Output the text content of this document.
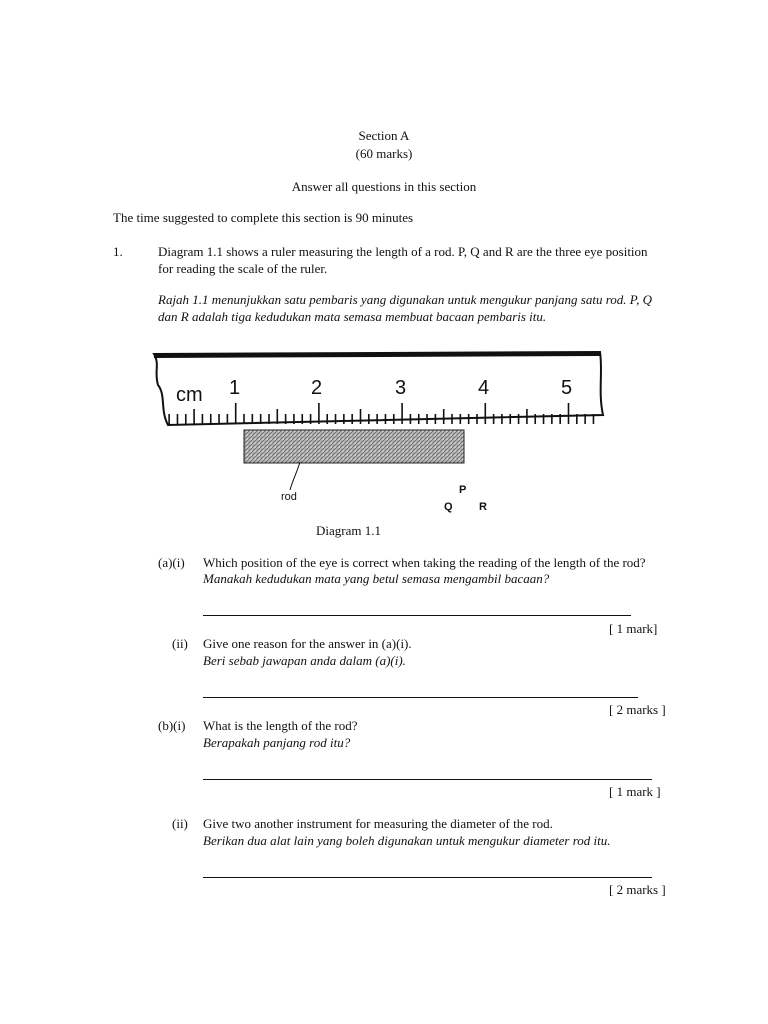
Section A
(60 marks)
Answer all questions in this section
The time suggested to complete this section is 90 minutes
1.	Diagram 1.1 shows a ruler measuring the length of a rod. P, Q and R are the three eye position
for reading the scale of the ruler.
Rajah 1.1 menunjukkan satu pembaris yang digunakan untuk mengukur panjang satu rod. P, Q
dan R adalah tiga kedudukan mata semasa membuat bacaan pembaris itu.
cm 1	2	3	4	5
rod
P
Q R
Diagram 1.1
(a)(i) Which position of the eye is correct when taking the reading of the length of the rod?
Manakah kedudukan mata yang betul semasa mengambil bacaan?
[ 1 mark]
(ii) Give one reason for the answer in (a)(i).
Beri sebab jawapan anda dalam (a)(i).
[ 2 marks ]
(b)(i) What is the length of the rod?
Berapakah panjang rod itu?
[ 1 mark ]
(ii) Give two another instrument for measuring the diameter of the rod.
Berikan dua alat lain yang boleh digunakan untuk mengukur diameter rod itu.
[ 2 marks ]
